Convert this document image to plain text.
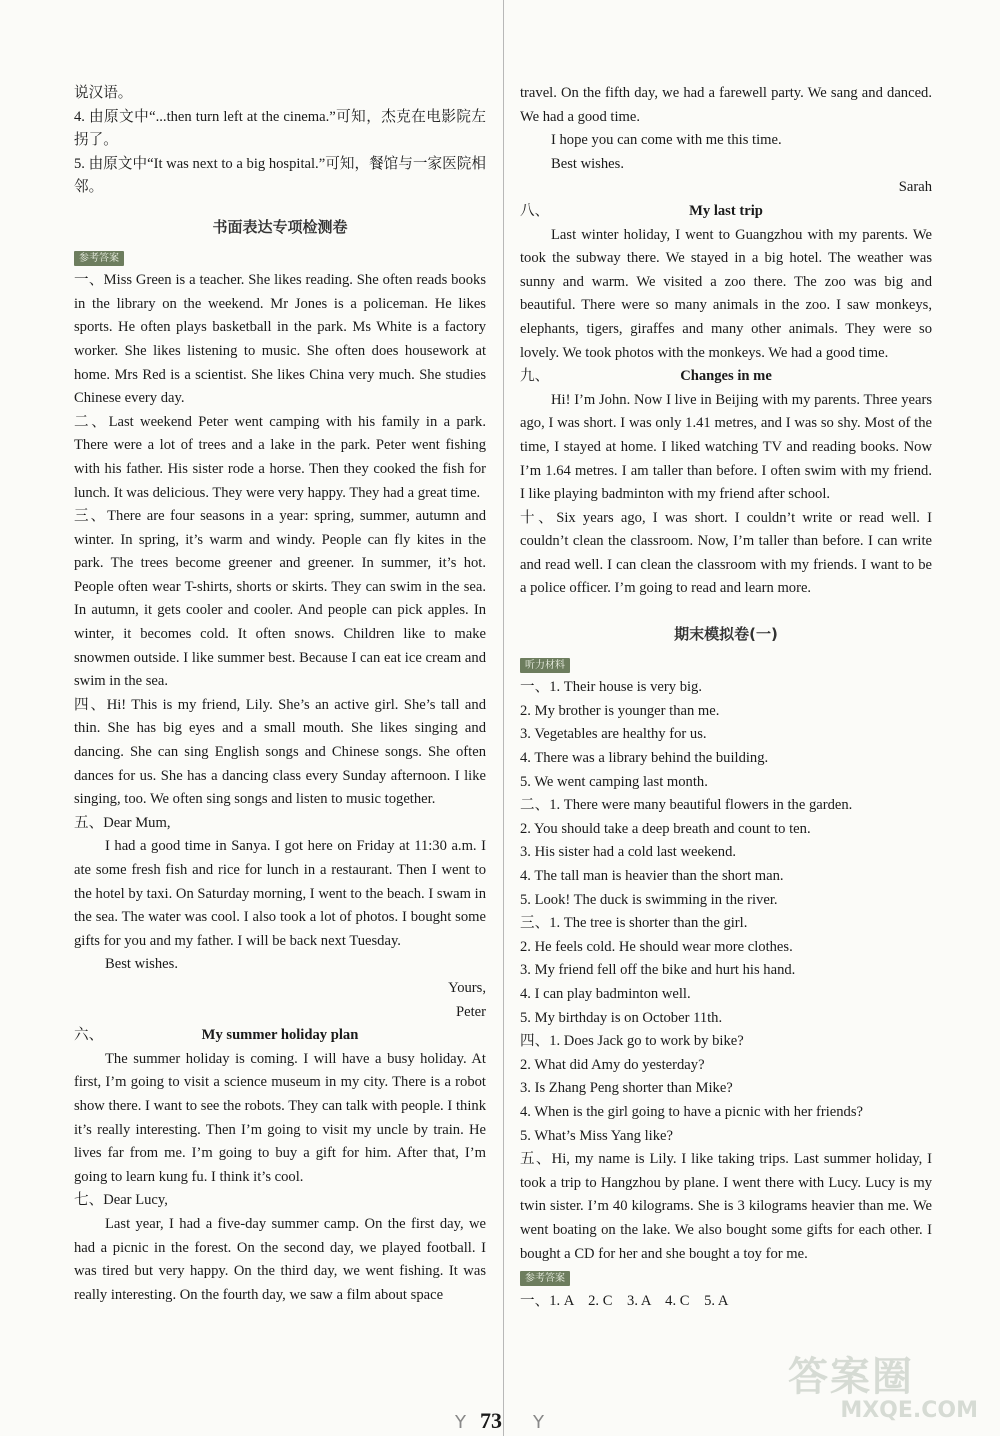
说汉语。

4. 由原文中“...then turn left at the cinema.”可知，杰克在电影院左拐了。

5. 由原文中“It was next to a big hospital.”可知，餐馆与一家医院相邻。

书面表达专项检测卷
参考答案

一、Miss Green is a teacher. She likes reading. She often reads books in the library on the weekend. Mr Jones is a policeman. He likes sports. He often plays basketball in the park. Ms White is a factory worker. She likes listening to music. She often does housework at home. Mrs Red is a scientist. She likes China very much. She studies Chinese every day.

二、Last weekend Peter went camping with his family in a park. There were a lot of trees and a lake in the park. Peter went fishing with his father. His sister rode a horse. Then they cooked the fish for lunch. It was delicious. They were very happy. They had a great time.

三、There are four seasons in a year: spring, summer, autumn and winter. In spring, it’s warm and windy. People can fly kites in the park. The trees become greener and greener. In summer, it’s hot. People often wear T-shirts, shorts or skirts. They can swim in the sea. In autumn, it gets cooler and cooler. And people can pick apples. In winter, it becomes cold. It often snows. Children like to make snowmen outside. I like summer best. Because I can eat ice cream and swim in the sea.

四、Hi! This is my friend, Lily. She’s an active girl. She’s tall and thin. She has big eyes and a small mouth. She likes singing and dancing. She can sing English songs and Chinese songs. She often dances for us. She has a dancing class every Sunday afternoon. I like singing, too. We often sing songs and listen to music together.

五、Dear Mum,

I had a good time in Sanya. I got here on Friday at 11:30 a.m. I ate some fresh fish and rice for lunch in a restaurant. Then I went to the hotel by taxi. On Saturday morning, I went to the beach. I swam in the sea. The water was cool. I also took a lot of photos. I bought some gifts for you and my father. I will be back next Tuesday.

Best wishes.

Yours,

Peter

六、	My summer holiday plan

The summer holiday is coming. I will have a busy holiday. At first, I’m going to visit a science museum in my city. There is a robot show there. I want to see the robots. They can talk with people. I think it’s really interesting. Then I’m going to visit my uncle by train. He lives far from me. I’m going to buy a gift for him. After that, I’m going to learn kung fu. I think it’s cool.

七、Dear Lucy,

Last year, I had a five-day summer camp. On the first day, we had a picnic in the forest. On the second day, we played football. I was tired but very happy. On the third day, we went fishing. It was really interesting. On the fourth day, we saw a film about space

travel. On the fifth day, we had a farewell party. We sang and danced. We had a good time.

I hope you can come with me this time.

Best wishes.

Sarah

八、	My last trip

Last winter holiday, I went to Guangzhou with my parents. We took the subway there. We stayed in a big hotel. The weather was sunny and warm. We visited a zoo there. The zoo was big and beautiful. There were so many animals in the zoo. I saw monkeys, elephants, tigers, giraffes and many other animals. They were so lovely. We took photos with the monkeys. We had a good time.

九、	Changes in me

Hi! I’m John. Now I live in Beijing with my parents. Three years ago, I was short. I was only 1.41 metres, and I was so shy. Most of the time, I stayed at home. I liked watching TV and reading books. Now I’m 1.64 metres. I am taller than before. I often swim with my friend. I like playing badminton with my friend after school.

十、Six years ago, I was short. I couldn’t write or read well. I couldn’t clean the classroom. Now, I’m taller than before. I can write and read well. I can clean the classroom with my friends. I want to be a police officer. I’m going to read and learn more.

期末模拟卷(一)
听力材料

一、1. Their house is very big.

2. My brother is younger than me.

3. Vegetables are healthy for us.

4. There was a library behind the building.

5. We went camping last month.

二、1. There were many beautiful flowers in the garden.

2. You should take a deep breath and count to ten.

3. His sister had a cold last weekend.

4. The tall man is heavier than the short man.

5. Look! The duck is swimming in the river.

三、1. The tree is shorter than the girl.

2. He feels cold. He should wear more clothes.

3. My friend fell off the bike and hurt his hand.

4. I can play badminton well.

5. My birthday is on October 11th.

四、1. Does Jack go to work by bike?

2. What did Amy do yesterday?

3. Is Zhang Peng shorter than Mike?

4. When is the girl going to have a picnic with her friends?

5. What’s Miss Yang like?

五、Hi, my name is Lily. I like taking trips. Last summer holiday, I took a trip to Hangzhou by plane. I went there with Lucy. Lucy is my twin sister. I’m 40 kilograms. She is 3 kilograms heavier than me. We went boating on the lake. We also bought some gifts for each other. I bought a CD for her and she bought a toy for me.

参考答案

一、1. A　2. C　3. A　4. C　5. A

Y 73 Y
答案圈
MXQE.COM
